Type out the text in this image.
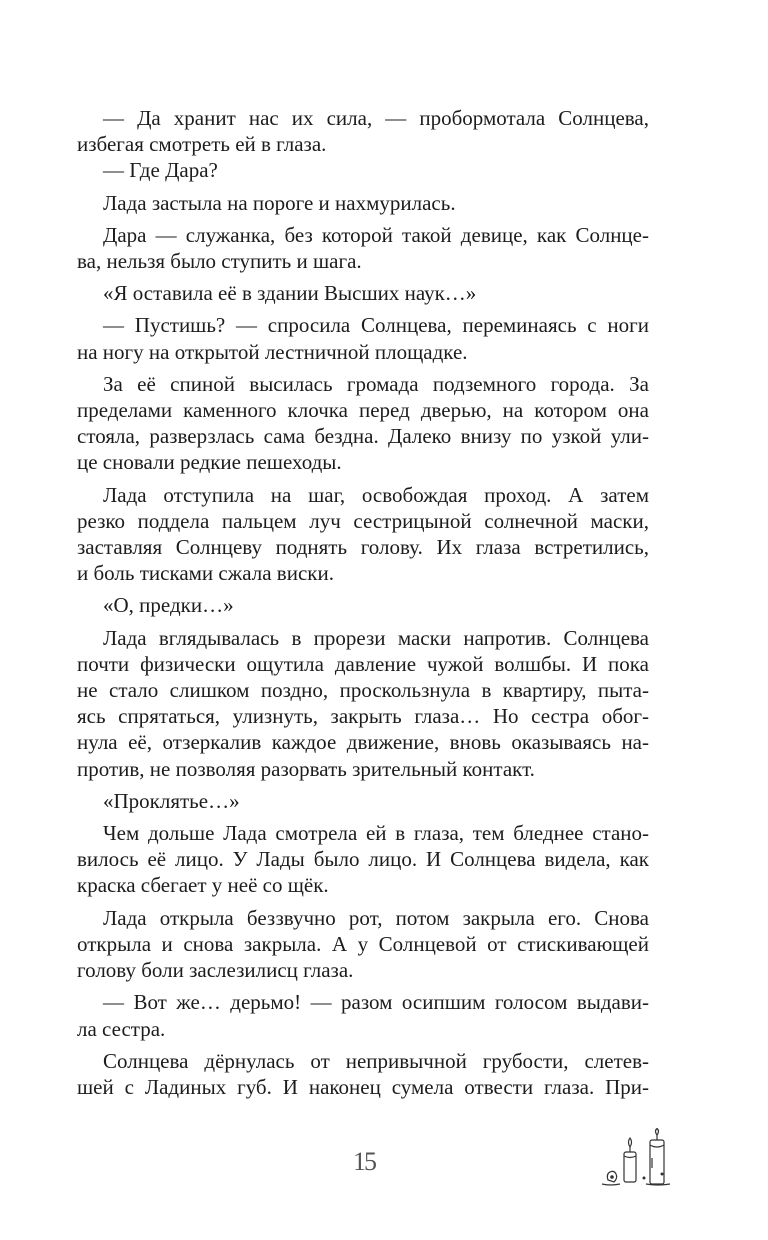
— Да хранит нас их сила, — пробормотала Солнцева,
избегая смотреть ей в глаза.
— Где Дара?
Лада застыла на пороге и нахмурилась.
Дара — служанка, без которой такой девице, как Солнце-
ва, нельзя было ступить и шага.
«Я оставила её в здании Высших наук…»
— Пустишь? — спросила Солнцева, переминаясь с ноги
на ногу на открытой лестничной площадке.
За её спиной высилась громада подземного города. За
пределами каменного клочка перед дверью, на котором она
стояла, разверзлась сама бездна. Далеко внизу по узкой ули-
це сновали редкие пешеходы.
Лада отступила на шаг, освобождая проход. А затем
резко поддела пальцем луч сестрицыной солнечной маски,
заставляя Солнцеву поднять голову. Их глаза встретились,
и боль тисками сжала виски.
«О, предки…»
Лада вглядывалась в прорези маски напротив. Солнцева
почти физически ощутила давление чужой волшбы. И пока
не стало слишком поздно, проскользнула в квартиру, пыта-
ясь спрятаться, улизнуть, закрыть глаза… Но сестра обог-
нула её, отзеркалив каждое движение, вновь оказываясь на-
против, не позволяя разорвать зрительный контакт.
«Проклятье…»
Чем дольше Лада смотрела ей в глаза, тем бледнее стано-
вилось её лицо. У Лады было лицо. И Солнцева видела, как
краска сбегает у неё со щёк.
Лада открыла беззвучно рот, потом закрыла его. Снова
открыла и снова закрыла. А у Солнцевой от стискивающей
голову боли заслезилисц глаза.
— Вот же… дерьмо! — разом осипшим голосом выдави-
ла сестра.
Солнцева дёрнулась от непривычной грубости, слетев-
шей с Ладиных губ. И наконец сумела отвести глаза. При-
15
